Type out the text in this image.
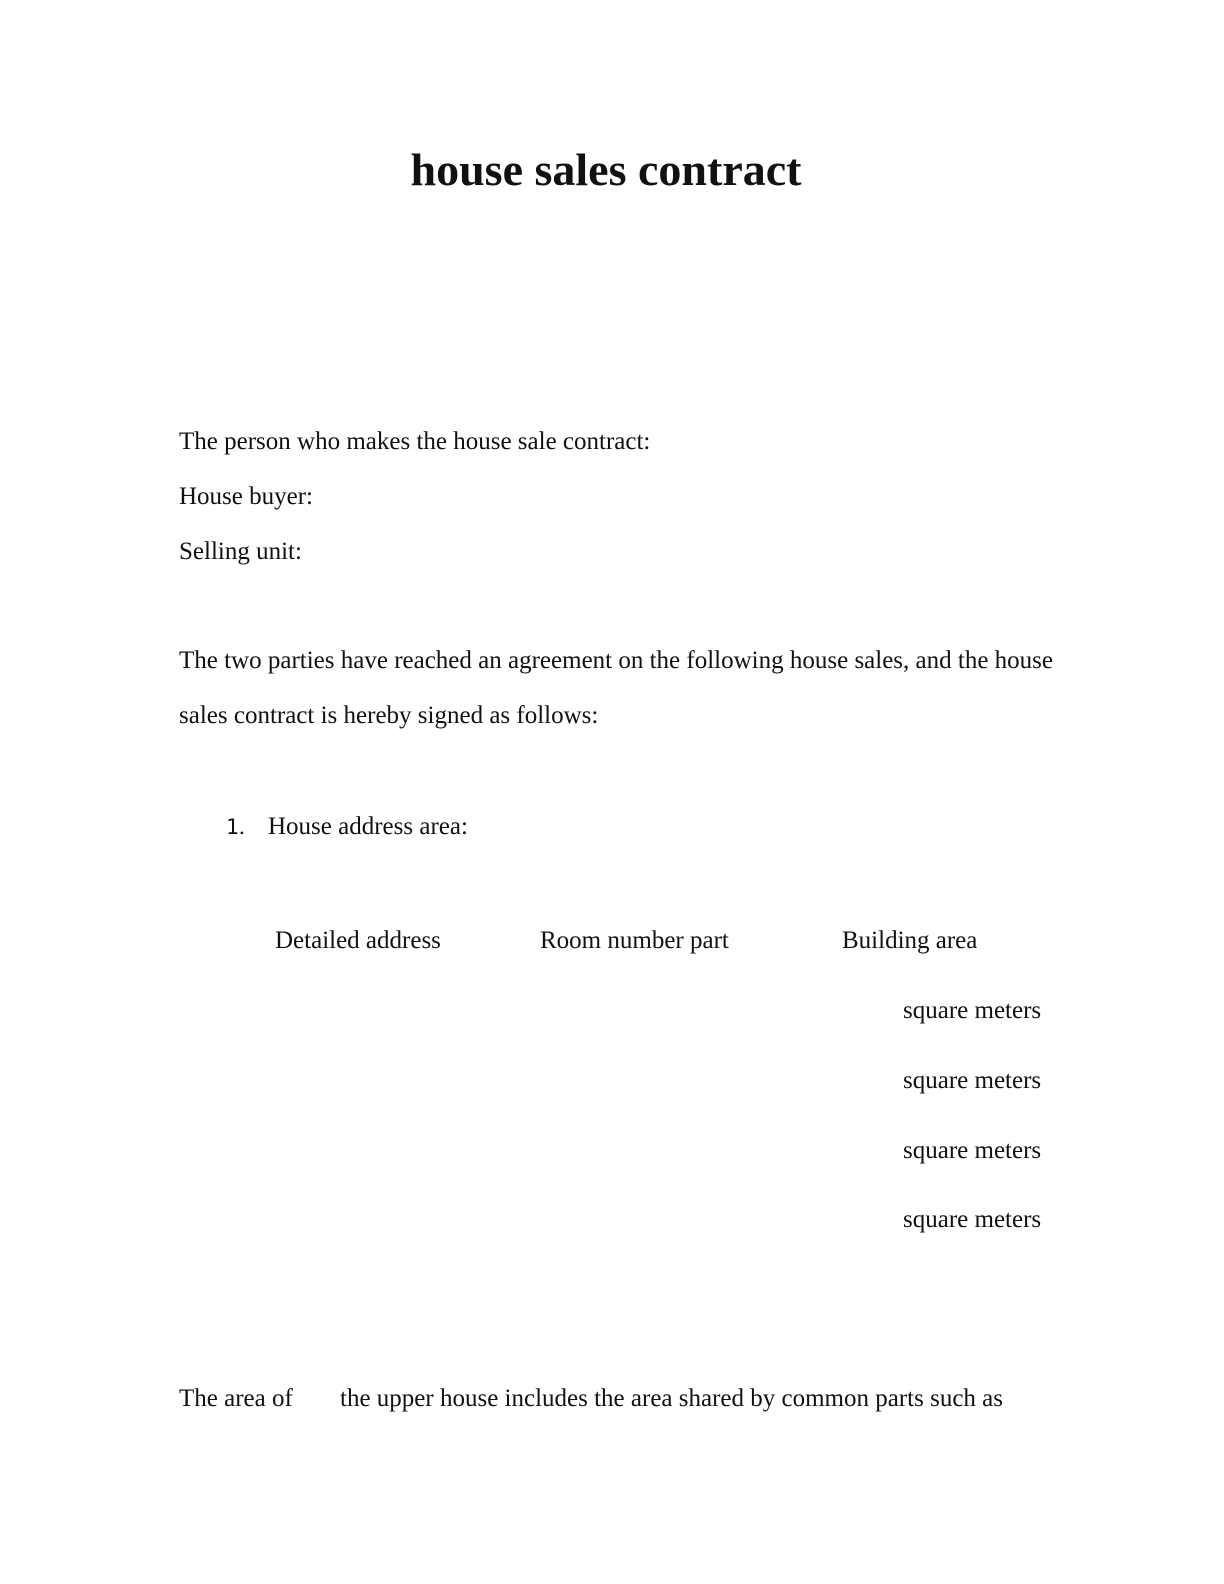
house sales contract
The person who makes the house sale contract:
House buyer:
Selling unit:
The two parties have reached an agreement on the following house sales, and the house
sales contract is hereby signed as follows:
1． House address area:
Detailed address	Room number part	Building area
square meters
square meters
square meters
square meters
The area of the upper house includes the area shared by common parts such as
